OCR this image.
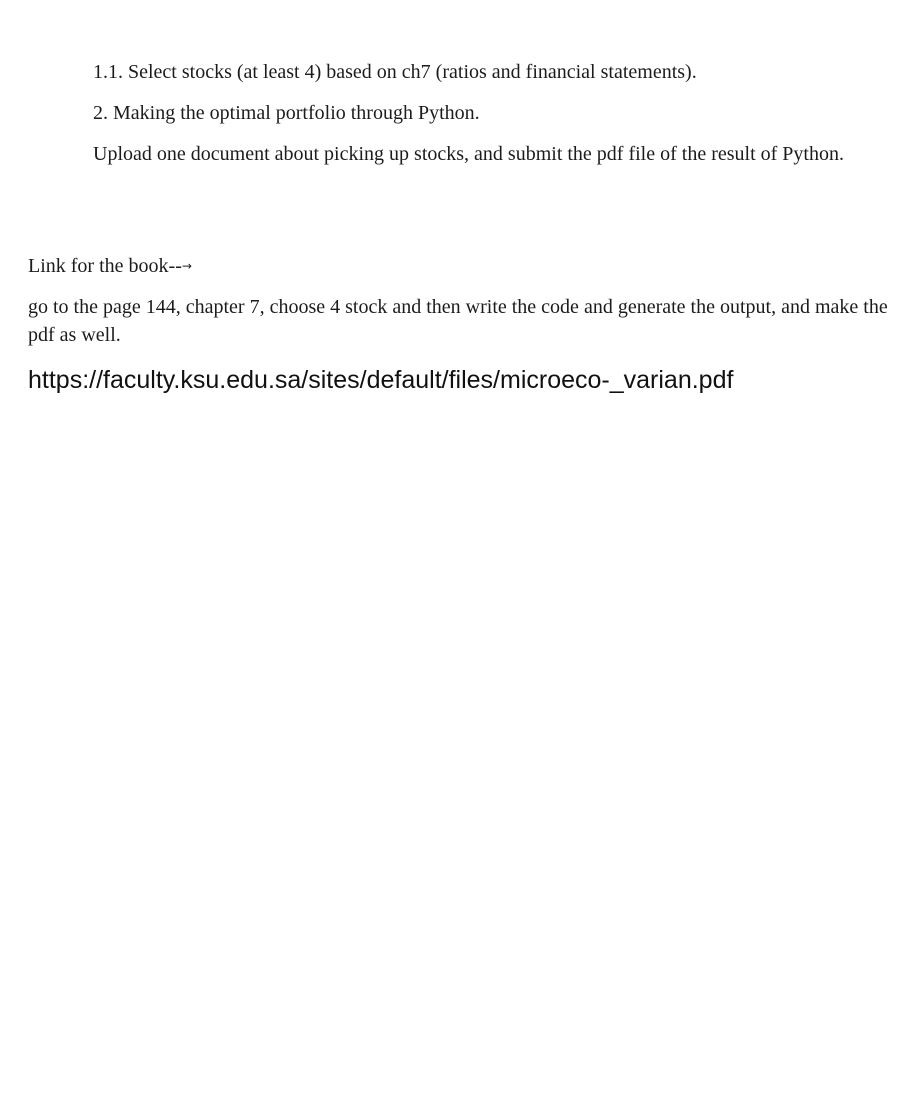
1.1. Select stocks (at least 4) based on ch7 (ratios and financial statements).

2. Making the optimal portfolio through Python.

Upload one document about picking up stocks, and submit the pdf file of the result of Python.

Link for the book--→

go to the page 144, chapter 7, choose 4 stock and then write the code and generate the output, and make the pdf as well.

https://faculty.ksu.edu.sa/sites/default/files/microeco-_varian.pdf
